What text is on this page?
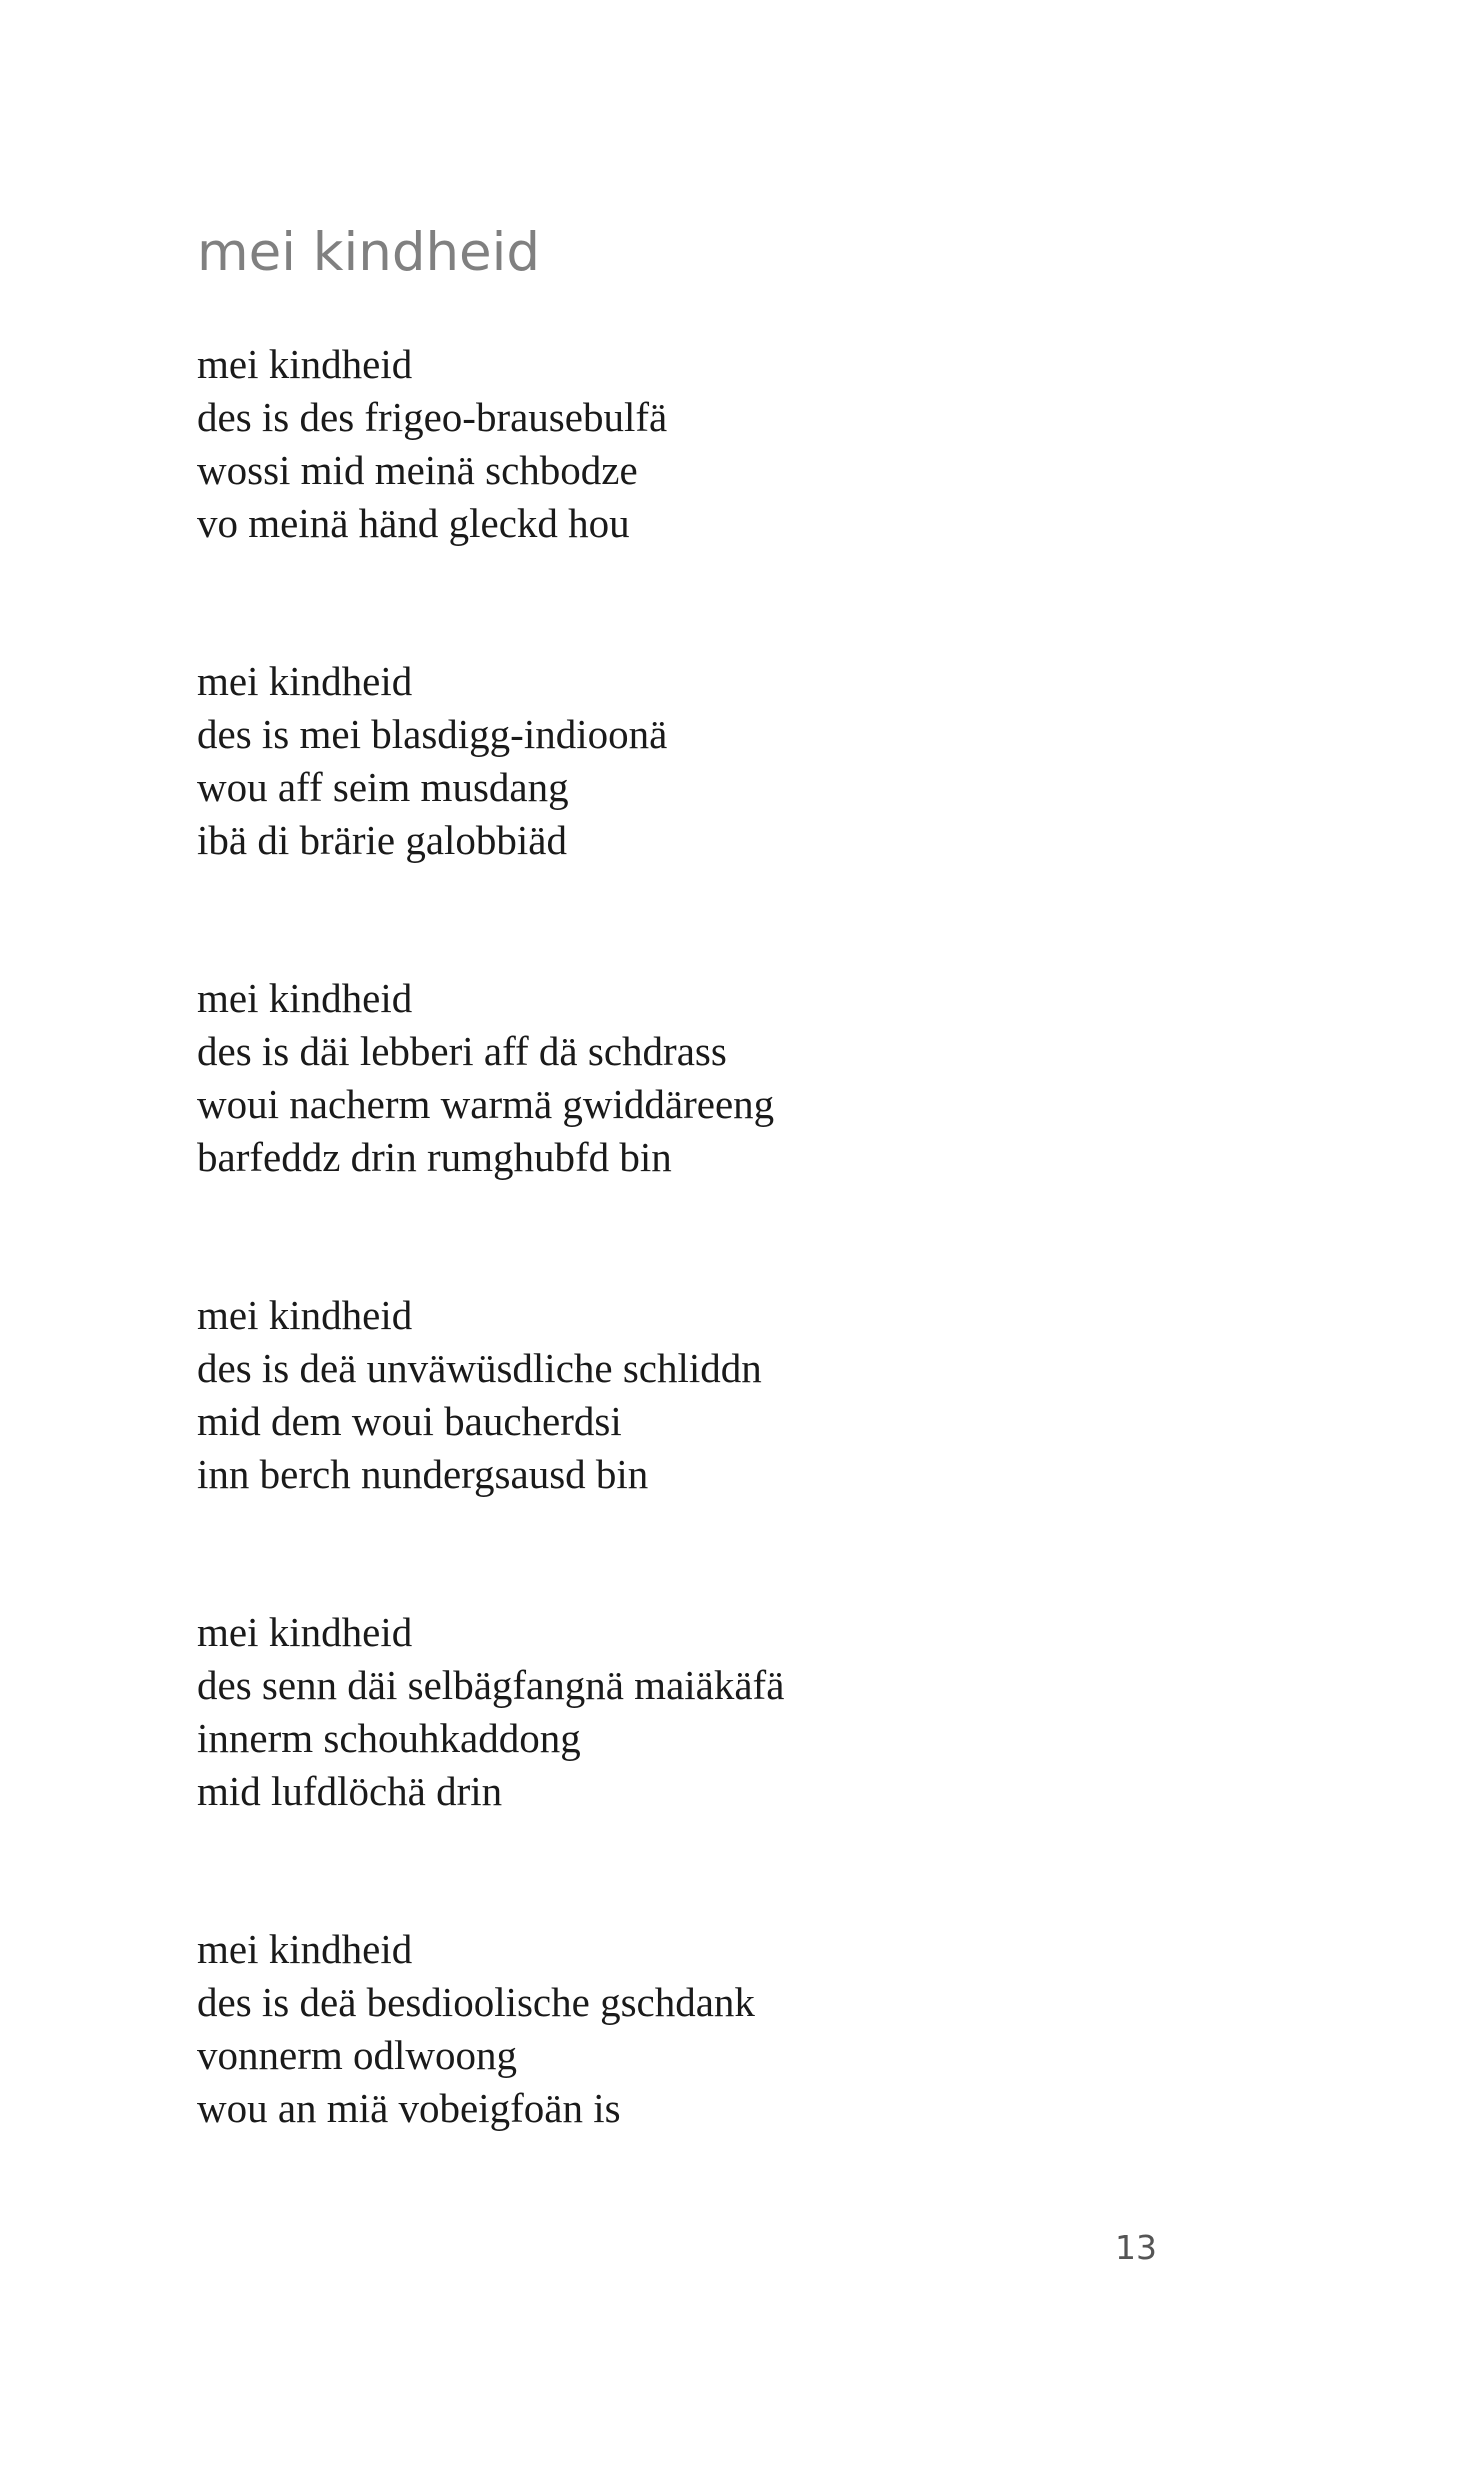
mei kindheid
mei kindheid
des is des frigeo-brausebulfä
wossi mid meinä schbodze
vo meinä händ gleckd hou
mei kindheid
des is mei blasdigg-indioonä
wou aff seim musdang
ibä di brärie galobbiäd
mei kindheid
des is däi lebberi aff dä schdrass
woui nacherm warmä gwiddäreeng
barfeddz drin rumghubfd bin
mei kindheid
des is deä unväwüsdliche schliddn
mid dem woui baucherdsi
inn berch nundergsausd bin
mei kindheid
des senn däi selbägfangnä maiäkäfä
innerm schouhkaddong
mid lufdlöchä drin
mei kindheid
des is deä besdioolische gschdank
vonnerm odlwoong
wou an miä vobeigfoän is
13
